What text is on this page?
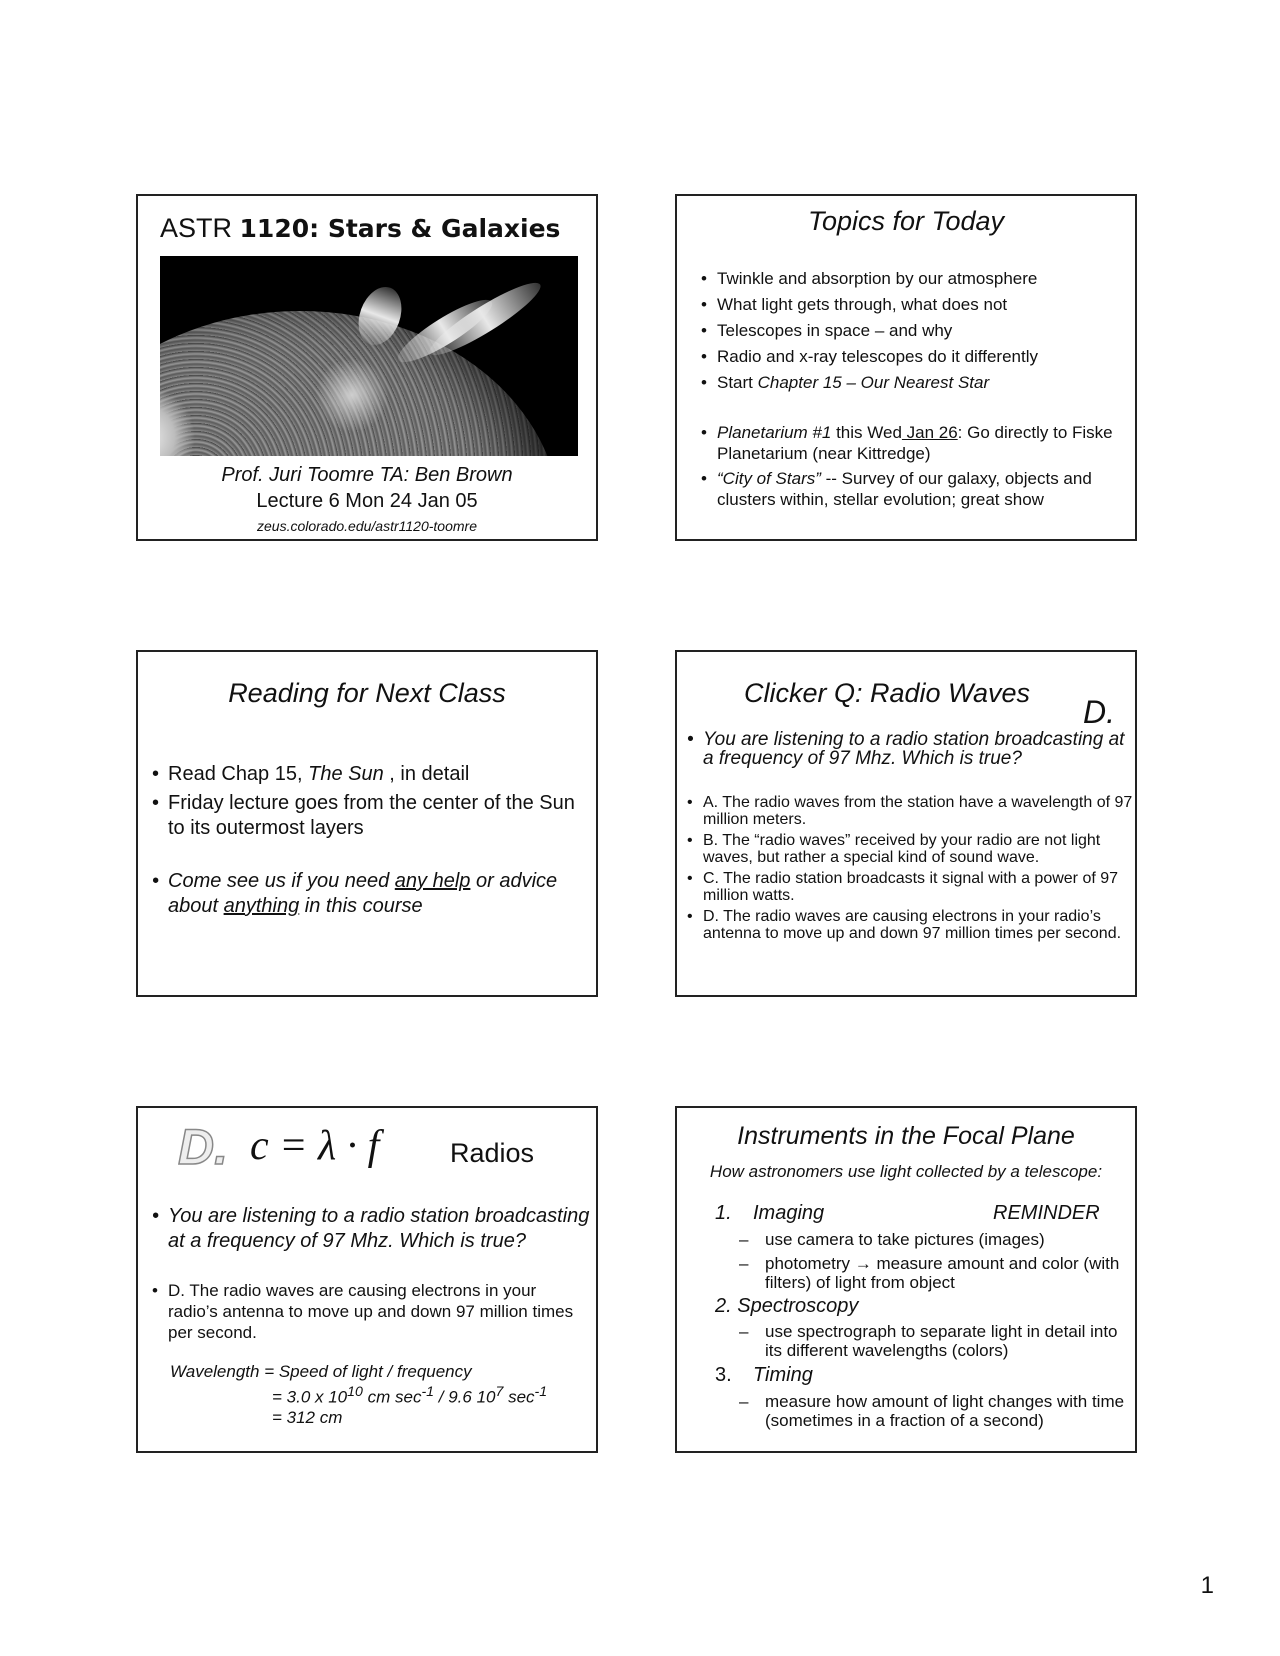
ASTR 1120: Stars & Galaxies
Prof. Juri Toomre TA: Ben Brown
Lecture 6 Mon 24 Jan 05
zeus.colorado.edu/astr1120-toomre
Topics for Today
• Twinkle and absorption by our atmosphere
• What light gets through, what does not
• Telescopes in space – and why
• Radio and x-ray telescopes do it differently
• Start Chapter 15 – Our Nearest Star
• Planetarium #1 this Wed Jan 26: Go directly to Fiske Planetarium (near Kittredge)
• “City of Stars” -- Survey of our galaxy, objects and clusters within, stellar evolution; great show
Reading for Next Class
• Read Chap 15, The Sun , in detail
• Friday lecture goes from the center of the Sun to its outermost layers
• Come see us if you need any help or advice about anything in this course
Clicker Q: Radio Waves
D.
• You are listening to a radio station broadcasting at a frequency of 97 Mhz. Which is true?
• A. The radio waves from the station have a wavelength of 97 million meters.
• B. The “radio waves” received by your radio are not light waves, but rather a special kind of sound wave.
• C. The radio station broadcasts it signal with a power of 97 million watts.
• D. The radio waves are causing electrons in your radio’s antenna to move up and down 97 million times per second.
D. c = λ · f	Radios
• You are listening to a radio station broadcasting at a frequency of 97 Mhz. Which is true?
• D. The radio waves are causing electrons in your radio’s antenna to move up and down 97 million times per second.
Wavelength = Speed of light / frequency
= 3.0 x $10^{10}$ cm $\sec^{-1} / 9.6$ $10^7$ $\sec^{-1}$
= 312 cm
Instruments in the Focal Plane
How astronomers use light collected by a telescope:
1. Imaging	REMINDER
– use camera to take pictures (images)
– photometry → measure amount and color (with filters) of light from object
2. Spectroscopy
– use spectrograph to separate light in detail into its different wavelengths (colors)
3. Timing
– measure how amount of light changes with time (sometimes in a fraction of a second)
1
